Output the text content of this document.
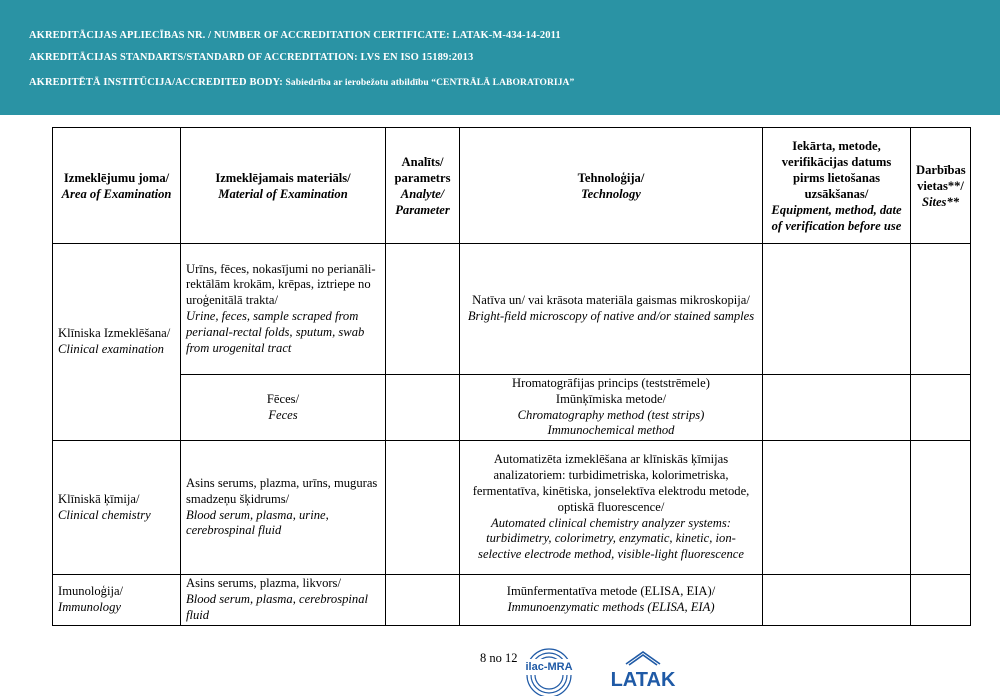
AKREDITĀCIJAS APLIECĪBAS NR. / NUMBER OF ACCREDITATION CERTIFICATE: LATAK-M-434-14-2011
AKREDITĀCIJAS STANDARTS/STANDARD OF ACCREDITATION: LVS EN ISO 15189:2013
AKREDITĒTĀ INSTITŪCIJA/ACCREDITED BODY: Sabiedrība ar ierobežotu atbildību “CENTRĀLĀ LABORATORIJA”
Izmeklējumu joma/
Area of Examination	Izmeklējamais materiāls/
Material of Examination	Analīts/ parametrs
Analyte/ Parameter	Tehnoloģija/
Technology	Iekārta, metode, verifikācijas datums pirms lietošanas uzsākšanas/
Equipment, method, date of verification before use	Darbības vietas**/
Sites**

Klīniska Izmeklēšana/
Clinical examination	Urīns, fēces, nokasījumi no perianāli-rektālām krokām, krēpas, iztriepe no uroģenitālā trakta/
Urine, feces, sample scraped from perianal-rectal folds, sputum, swab from urogenital tract		Natīva un/ vai krāsota materiāla gaismas mikroskopija/
Bright-field microscopy of native and/or stained samples		

	Fēces/
Feces		Hromatogrāfijas princips (teststrēmele)
Imūnķīmiska metode/
Chromatography method (test strips)
Immunochemical method		

Klīniskā ķīmija/
Clinical chemistry	Asins serums, plazma, urīns, muguras smadzeņu šķidrums/
Blood serum, plasma, urine, cerebrospinal fluid		Automatizēta izmeklēšana ar klīniskās ķīmijas analizatoriem: turbidimetriska, kolorimetriska, fermentatīva, kinētiska, jonselektīva elektrodu metode, optiskā fluorescence/
Automated clinical chemistry analyzer systems: turbidimetry, colorimetry, enzymatic, kinetic, ion-selective electrode method, visible-light fluorescence		

Imunoloģija/
Immunology	Asins serums, plazma, likvors/
Blood serum, plasma, cerebrospinal fluid		Imūnfermentatīva metode (ELISA, EIA)/
Immunoenzymatic methods (ELISA, EIA)		

8 no 12
ilac-MRA
LATAK
